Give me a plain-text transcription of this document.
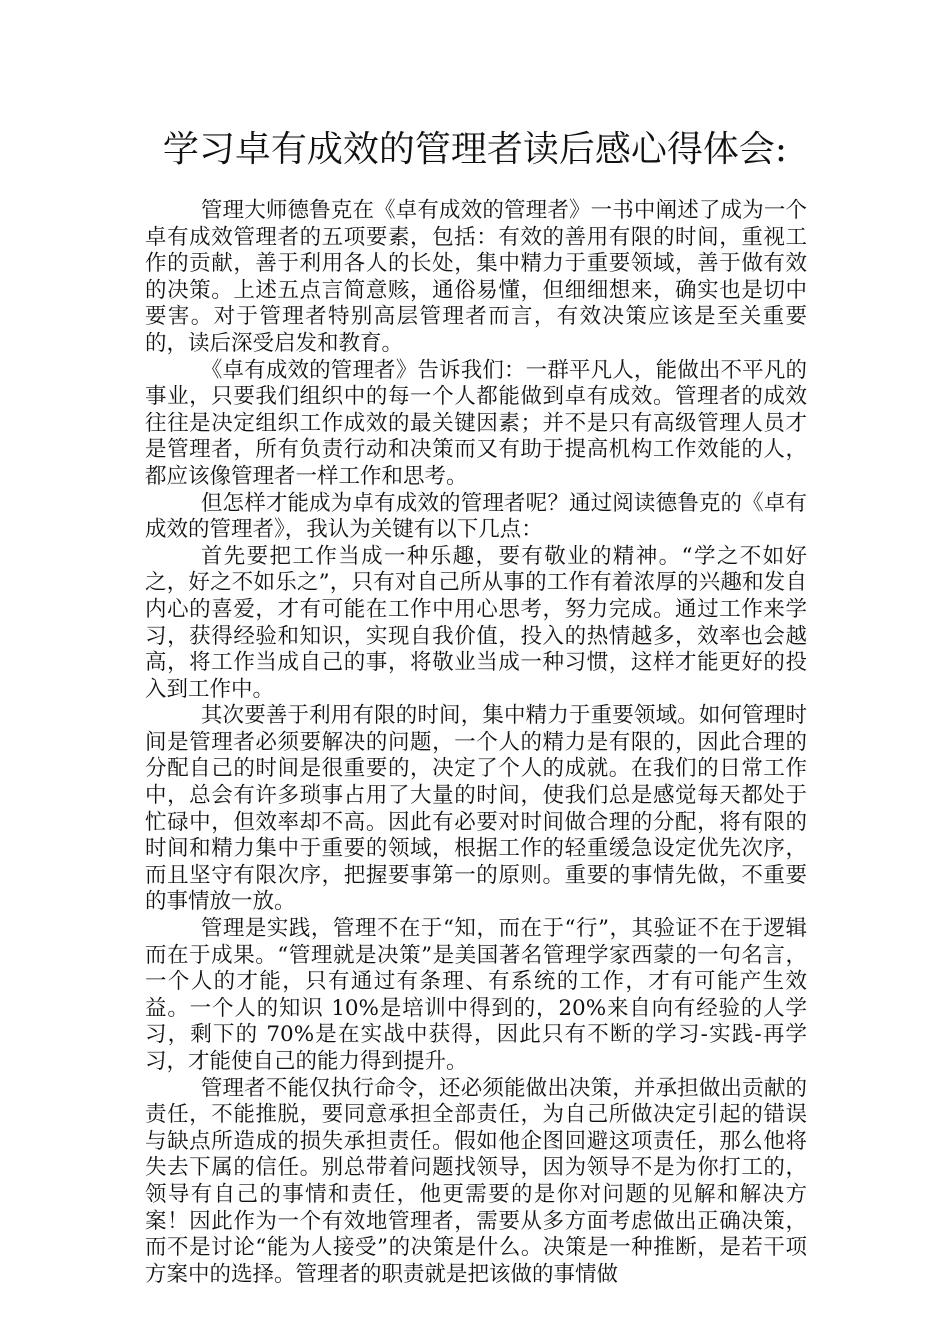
学习卓有成效的管理者读后感心得体会:

管理大师德鲁克在《卓有成效的管理者》一书中阐述了成为一个卓有成效管理者的五项要素，包括：有效的善用有限的时间，重视工作的贡献，善于利用各人的长处，集中精力于重要领域，善于做有效的决策。上述五点言简意赅，通俗易懂，但细细想来，确实也是切中要害。对于管理者特别高层管理者而言，有效决策应该是至关重要的，读后深受启发和教育。

《卓有成效的管理者》告诉我们：一群平凡人，能做出不平凡的事业，只要我们组织中的每一个人都能做到卓有成效。管理者的成效往往是决定组织工作成效的最关键因素；并不是只有高级管理人员才是管理者，所有负责行动和决策而又有助于提高机构工作效能的人，都应该像管理者一样工作和思考。

但怎样才能成为卓有成效的管理者呢？通过阅读德鲁克的《卓有成效的管理者》，我认为关键有以下几点：

首先要把工作当成一种乐趣，要有敬业的精神。“学之不如好之，好之不如乐之”，只有对自己所从事的工作有着浓厚的兴趣和发自内心的喜爱，才有可能在工作中用心思考，努力完成。通过工作来学习，获得经验和知识，实现自我价值，投入的热情越多，效率也会越高，将工作当成自己的事，将敬业当成一种习惯，这样才能更好的投入到工作中。

其次要善于利用有限的时间，集中精力于重要领域。如何管理时间是管理者必须要解决的问题，一个人的精力是有限的，因此合理的分配自己的时间是很重要的，决定了个人的成就。在我们的日常工作中，总会有许多琐事占用了大量的时间，使我们总是感觉每天都处于忙碌中，但效率却不高。因此有必要对时间做合理的分配，将有限的时间和精力集中于重要的领域，根据工作的轻重缓急设定优先次序，而且坚守有限次序，把握要事第一的原则。重要的事情先做，不重要的事情放一放。

管理是实践，管理不在于“知，而在于“行”，其验证不在于逻辑而在于成果。“管理就是决策”是美国著名管理学家西蒙的一句名言，一个人的才能，只有通过有条理、有系统的工作，才有可能产生效益。一个人的知识 10%是培训中得到的，20%来自向有经验的人学习，剩下的 70%是在实战中获得，因此只有不断的学习-实践-再学习，才能使自己的能力得到提升。

管理者不能仅执行命令，还必须能做出决策，并承担做出贡献的责任，不能推脱，要同意承担全部责任，为自己所做决定引起的错误与缺点所造成的损失承担责任。假如他企图回避这项责任，那么他将失去下属的信任。别总带着问题找领导，因为领导不是为你打工的，领导有自己的事情和责任，他更需要的是你对问题的见解和解决方案！因此作为一个有效地管理者，需要从多方面考虑做出正确决策，而不是讨论“能为人接受”的决策是什么。决策是一种推断，是若干项方案中的选择。管理者的职责就是把该做的事情做
